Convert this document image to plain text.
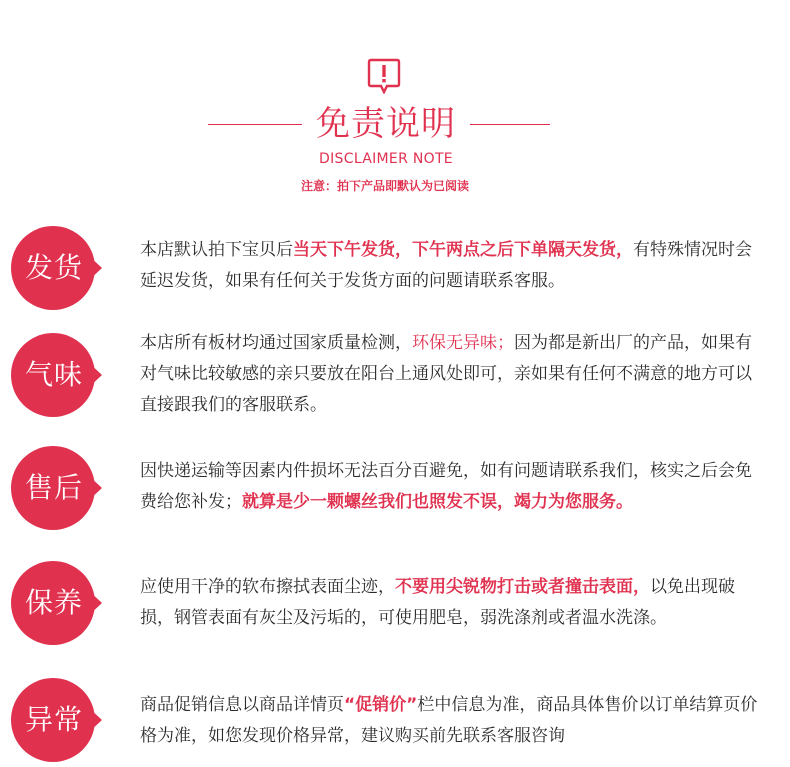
免责说明
DISCLAIMER NOTE
注意：拍下产品即默认为已阅读
发货
本店默认拍下宝贝后当天下午发货，下午两点之后下单隔天发货，有特殊情况时会延迟发货，如果有任何关于发货方面的问题请联系客服。
气味
本店所有板材均通过国家质量检测，环保无异味；因为都是新出厂的产品，如果有对气味比较敏感的亲只要放在阳台上通风处即可，亲如果有任何不满意的地方可以直接跟我们的客服联系。
售后	因快递运输等因素内件损坏无法百分百避免，如有问题请联系我们，核实之后会免费给您补发；就算是少一颗螺丝我们也照发不误，竭力为您服务。
保养	应使用干净的软布擦拭表面尘迹，不要用尖锐物打击或者撞击表面，以免出现破损，钢管表面有灰尘及污垢的，可使用肥皂，弱洗涤剂或者温水洗涤。
异常	商品促销信息以商品详情页“促销价”栏中信息为准，商品具体售价以订单结算页价格为准，如您发现价格异常，建议购买前先联系客服咨询
